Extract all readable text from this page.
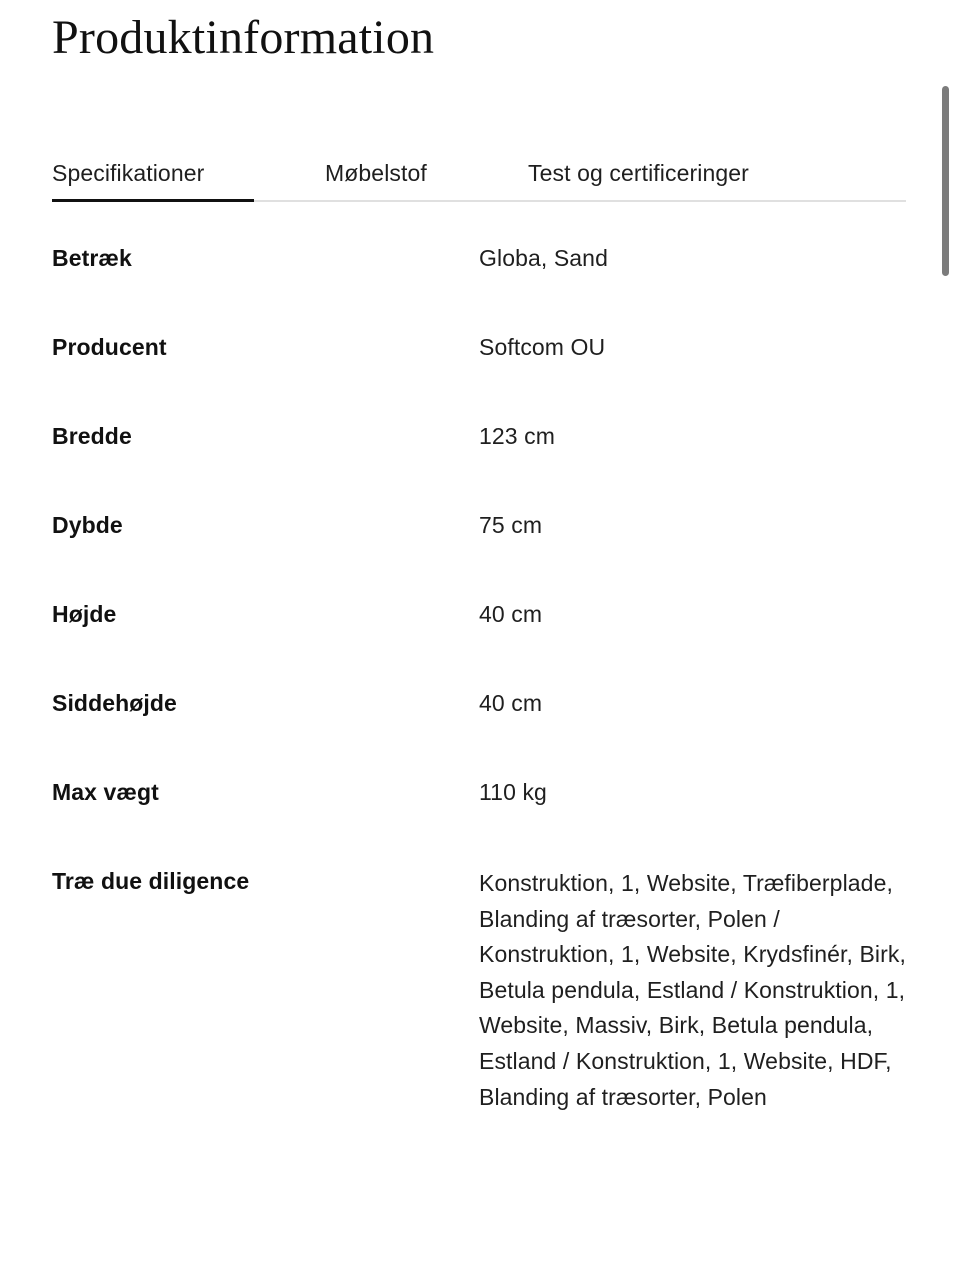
Produktinformation
Specifikationer	Møbelstof	Test og certificeringer
Betræk	Globa, Sand
Producent	Softcom OU
Bredde	123 cm
Dybde	75 cm
Højde	40 cm
Siddehøjde	40 cm
Max vægt	110 kg
Træ due diligence	Konstruktion, 1, Website, Træfiberplade, Blanding af træsorter, Polen / Konstruktion, 1, Website, Krydsfinér, Birk, Betula pendula, Estland / Konstruktion, 1, Website, Massiv, Birk, Betula pendula, Estland / Konstruktion, 1, Website, HDF, Blanding af træsorter, Polen
